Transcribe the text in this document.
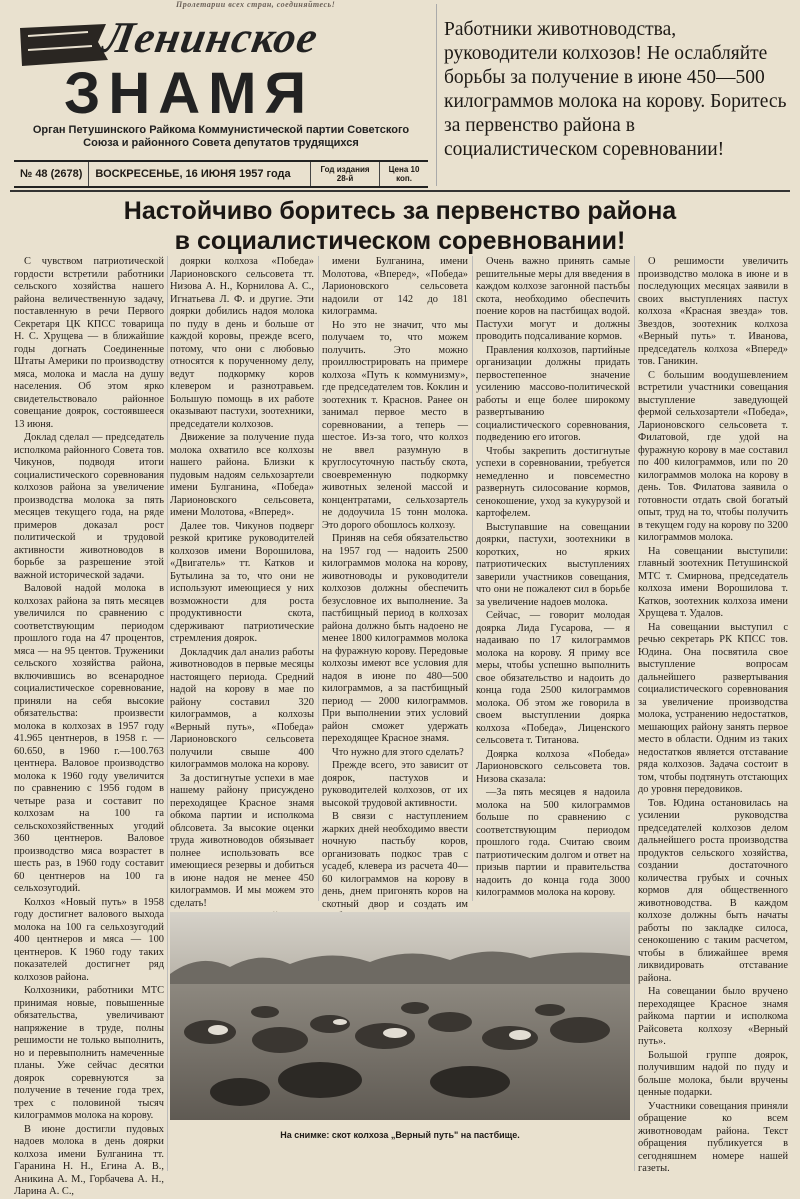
Пролетарии всех стран, соединяйтесь!
Ленинское
ЗНАМЯ
Орган Петушинского Райкома Коммунистической партии Советского Союза и районного Совета депутатов трудящихся
№ 48 (2678)	ВОСКРЕСЕНЬЕ, 16 ИЮНЯ 1957 года	Год издания 28-й
Цена 10 коп.
Работники животноводства, руководители колхозов! Не ослабляйте борьбы за получение в июне 450—500 килограммов молока на корову. Боритесь за первенство района в социалистическом соревновании!
Настойчиво боритесь за первенство района
в социалистическом соревновании!

С чувством патриотической гордости встретили работники сельского хозяйства нашего района величественную задачу, поставленную в речи Первого Секретаря ЦК КПСС товарища Н. С. Хрущева — в ближайшие годы догнать Соединенные Штаты Америки по производству мяса, молока и масла на душу населения. Об этом ярко свидетельствовало районное совещание доярок, состоявшееся 13 июня.

Доклад сделал — председатель исполкома районного Совета тов. Чикунов, подводя итоги социалистического соревнования колхозов района за увеличение производства молока за пять месяцев текущего года, на ряде примеров доказал рост политической и трудовой активности животноводов в борьбе за разрешение этой важной исторической задачи.

Валовой надой молока в колхозах района за пять месяцев увеличился по сравнению с соответствующим периодом прошлого года на 47 процентов, мяса — на 95 центов. Труженики сельского хозяйства района, включившись во всенародное социалистическое соревнование, приняли на себя высокие обязательства: произвести молока в колхозах в 1957 году 41.965 центнеров, в 1958 г. —60.650, в 1960 г.—100.763 центнера. Валовое производство молока к 1960 году увеличится по сравнению с 1956 годом в четыре раза и составит по колхозам на 100 га сельскохозяйственных угодий 360 центнеров. Валовое производство мяса возрастет в шесть раз, в 1960 году составит 60 центнеров на 100 га сельхозугодий.

Колхоз «Новый путь» в 1958 году достигнет валового выхода молока на 100 га сельхозугодий 400 центнеров и мяса — 100 центнеров. К 1960 году таких показателей достигнет ряд колхозов района.

Колхозники, работники МТС принимая новые, повышенные обязательства, увеличивают напряжение в труде, полны решимости не только выполнить, но и перевыполнить намеченные планы. Уже сейчас десятки доярок соревнуются за получение в течение года трех, трех с половиной тысяч килограммов молока на корову.

В июне достигли пудовых надоев молока в день доярки колхоза имени Булганина тт. Гаранина Н. Н., Егина А. В., Аникина А. М., Горбачева А. Н., Ларина А. С.,

доярки колхоза «Победа» Ларионовского сельсовета тт. Низова А. Н., Корнилова А. С., Игнатьева Л. Ф. и другие. Эти доярки добились надоя молока по пуду в день и больше от каждой коровы, прежде всего, потому, что они с любовью относятся к порученному делу, ведут подкормку коров клевером и разнотравьем. Большую помощь в их работе оказывают пастухи, зоотехники, председатели колхозов.

Движение за получение пуда молока охватило все колхозы нашего района. Близки к пудовым надоям сельхозартели имени Булганина, «Победа» Ларионовского сельсовета, имени Молотова, «Вперед».

Далее тов. Чикунов подверг резкой критике руководителей колхозов имени Ворошилова, «Двигатель» тт. Катков и Бутылина за то, что они не используют имеющиеся у них возможности для роста продуктивности скота, сдерживают патриотические стремления доярок.

Докладчик дал анализ работы животноводов в первые месяцы настоящего периода. Средний надой на корову в мае по району составил 320 килограммов, а колхозы «Верный путь», «Победа» Ларионовского сельсовета получили свыше 400 килограммов молока на корову.

За достигнутые успехи в мае нашему району присуждено переходящее Красное знамя обкома партии и исполкома облсовета. За высокие оценки труда животноводов обязывает полнее использовать все имеющиеся резервы и добиться в июне надоя не менее 450 килограммов. И мы можем это сделать!

имени Булганина, имени Молотова, «Вперед», «Победа» Ларионовского сельсовета надоили от 142 до 181 килограмма.

Но это не значит, что мы получаем то, что можем получить. Это можно проиллюстрировать на примере колхоза «Путь к коммунизму», где председателем тов. Коклин и зоотехник т. Краснов. Ранее он занимал первое место в соревновании, а теперь — шестое. Из-за того, что колхоз не ввел разумную в круглосуточную пастьбу скота, своевременную подкормку животных зеленой массой и концентратами, сельхозартель не додоучила 15 тонн молока. Это дорого обошлось колхозу.

Приняв на себя обязательство на 1957 год — надоить 2500 килограммов молока на корову, животноводы и руководители колхозов должны обеспечить безусловное их выполнение. За пастбищный период в колхозах района должно быть надоено не менее 1800 килограммов молока на фуражную корову. Передовые колхозы имеют все условия для надоя в июне по 480—500 килограммов, а за пастбищный период — 2000 килограммов. При выполнении этих условий район сможет удержать переходящее Красное знамя.

Что нужно для этого сделать?

Прежде всего, это зависит от доярок, пастухов и руководителей колхозов, от их высокой трудовой активности.

В связи с наступлением жарких дней необходимо ввести ночную пастьбу коров, организовать подкос трав с усадеб, клевера из расчета 40—60 килограммов на корову в день, днем пригонять коров на скотный двор и создать им

Очень важно принять самые решительные меры для введения в каждом колхозе загонной пастьбы скота, необходимо обеспечить поение коров на пастбищах водой. Пастухи могут и должны проводить подсаливание кормов.

Правления колхозов, партийные организации должны придать первостепенное значение усилению массово-политической работы и еще более широкому развертыванию социалистического соревнования, подведению его итогов.

Чтобы закрепить достигнутые успехи в соревновании, требуется немедленно и повсеместно развернуть силосование кормов, сенокошение, уход за кукурузой и картофелем.

Выступавшие на совещании доярки, пастухи, зоотехники в коротких, но ярких патриотических выступлениях заверили участников совещания, что они не пожалеют сил в борьбе за увеличение надоев молока.

Сейчас, — говорит молодая доярка Лида Гусарова, — я надаиваю по 17 килограммов молока на корову. Я приму все меры, чтобы успешно выполнить свое обязательство и надоить до конца года 2500 килограммов молока. Об этом же говорила в своем выступлении доярка колхоза «Победа», Лиценского сельсовета т. Титанова.

Доярка колхоза «Победа» Ларионовского сельсовета тов. Низова сказала:

—За пять месяцев я надоила молока на 500 килограммов больше по сравнению с соответствующим периодом прошлого года. Считаю своим патриотическим долгом и ответ на призыв партии и правительства надоить до конца года 3000 килограммов молока на корову.

О решимости увеличить производство молока в июне и в последующих месяцах заявили в своих выступлениях пастух колхоза «Красная звезда» тов. Звездов, зоотехник колхоза «Верный путь» т. Иванова, председатель колхоза «Вперед» тов. Ганикин.

С большим воодушевлением встретили участники совещания выступление заведующей фермой сельхозартели «Победа», Ларионовского сельсовета т. Филатовой, где удой на фуражную корову в мае составил по 400 килограммов, или по 20 килограммов молока на корову в день. Тов. Филатова заявила о готовности отдать свой богатый опыт, труд на то, чтобы получить в текущем году на корову по 3200 килограммов молока.

На совещании выступили: главный зоотехник Петушинской МТС т. Смирнова, председатель колхоза имени Ворошилова т. Катков, зоотехник колхоза имени Хрущева т. Удалов.

На совещании выступил с речью секретарь РК КПСС тов. Юдина. Она посвятила свое выступление вопросам дальнейшего развертывания социалистического соревнования за увеличение производства молока, устранению недостатков, мешающих району занять первое место в области. Одним из таких недостатков является отставание ряда колхозов. Задача состоит в том, чтобы подтянуть отстающих до уровня передовиков.

Тов. Юдина остановилась на усилении руководства председателей колхозов делом дальнейшего роста производства продуктов сельского хозяйства, создании достаточного количества грубых и сочных кормов для общественного животноводства. В каждом колхозе должны быть начаты работы по закладке силоса, сенокошению с таким расчетом, чтобы в ближайшее время ликвидировать отставание района.

На совещании было вручено переходящее Красное знамя райкома партии и исполкома Райсовета колхозу «Верный путь».

Большой группе доярок, получившим надой по пуду и больше молока, были вручены ценные подарки.

Участники совещания приняли обращение ко всем животноводам района. Текст обращения публикуется в сегодняшнем номере нашей газеты.

На снимке: скот колхоза „Верный путь" на пастбище.
